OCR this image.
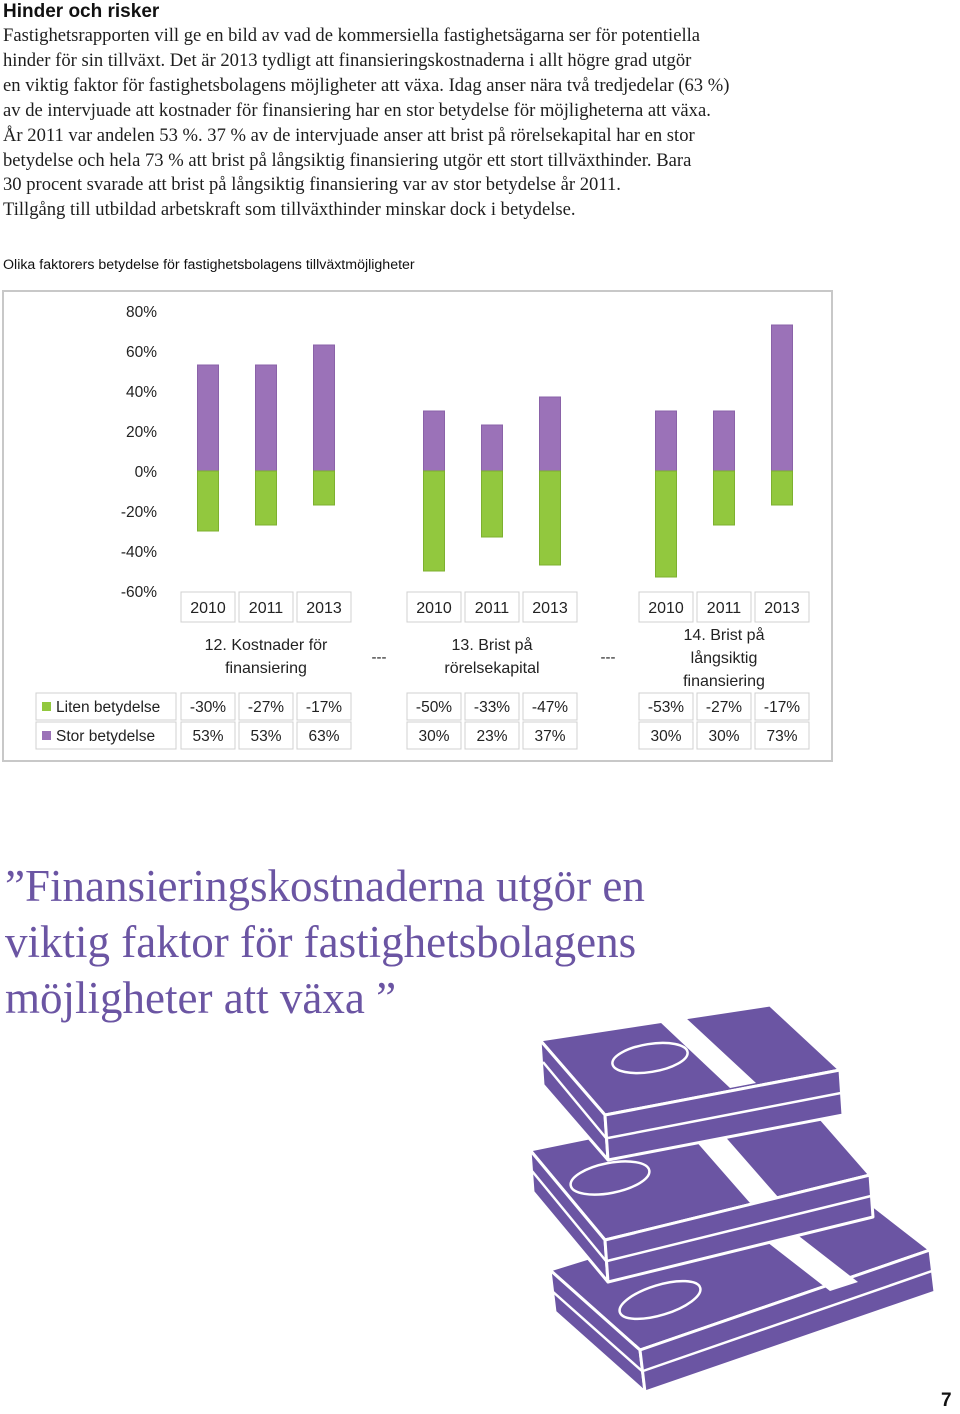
Hinder och risker
Fastighetsrapporten vill ge en bild av vad de kommersiella fastighetsägarna ser för potentiella
hinder för sin tillväxt. Det är 2013 tydligt att finansieringskostnaderna i allt högre grad utgör
en viktig faktor för fastighetsbolagens möjligheter att växa. Idag anser nära två tredjedelar (63 %)
av de intervjuade att kostnader för finansiering har en stor betydelse för möjligheterna att växa.
År 2011 var andelen 53 %. 37 % av de intervjuade anser att brist på rörelsekapital har en stor
betydelse och hela 73 % att brist på långsiktig finansiering utgör ett stort tillväxthinder. Bara
30 procent svarade att brist på långsiktig finansiering var av stor betydelse år 2011.
Tillgång till utbildad arbetskraft som tillväxthinder minskar dock i betydelse.
Olika faktorers betydelse för fastighetsbolagens tillväxtmöjligheter
80%
60%
40%
20%
0%
-20%
-40%
-60%
2010 2011 2013	2010 2011 2013	2010 2011 2013
12. Kostnader för
finansiering
13. Brist på
rörelsekapital
14. Brist på
långsiktig
finansiering
---	---
Liten betydelse -30% -27% -17%	-50% -33% -47%	-53% -27% -17%
Stor betydelse 53% 53% 63%	30% 23% 37%	30% 30% 73%
”Finansieringskostnaderna utgör en
viktig faktor för fastighetsbolagens
möjligheter att växa ”
7
